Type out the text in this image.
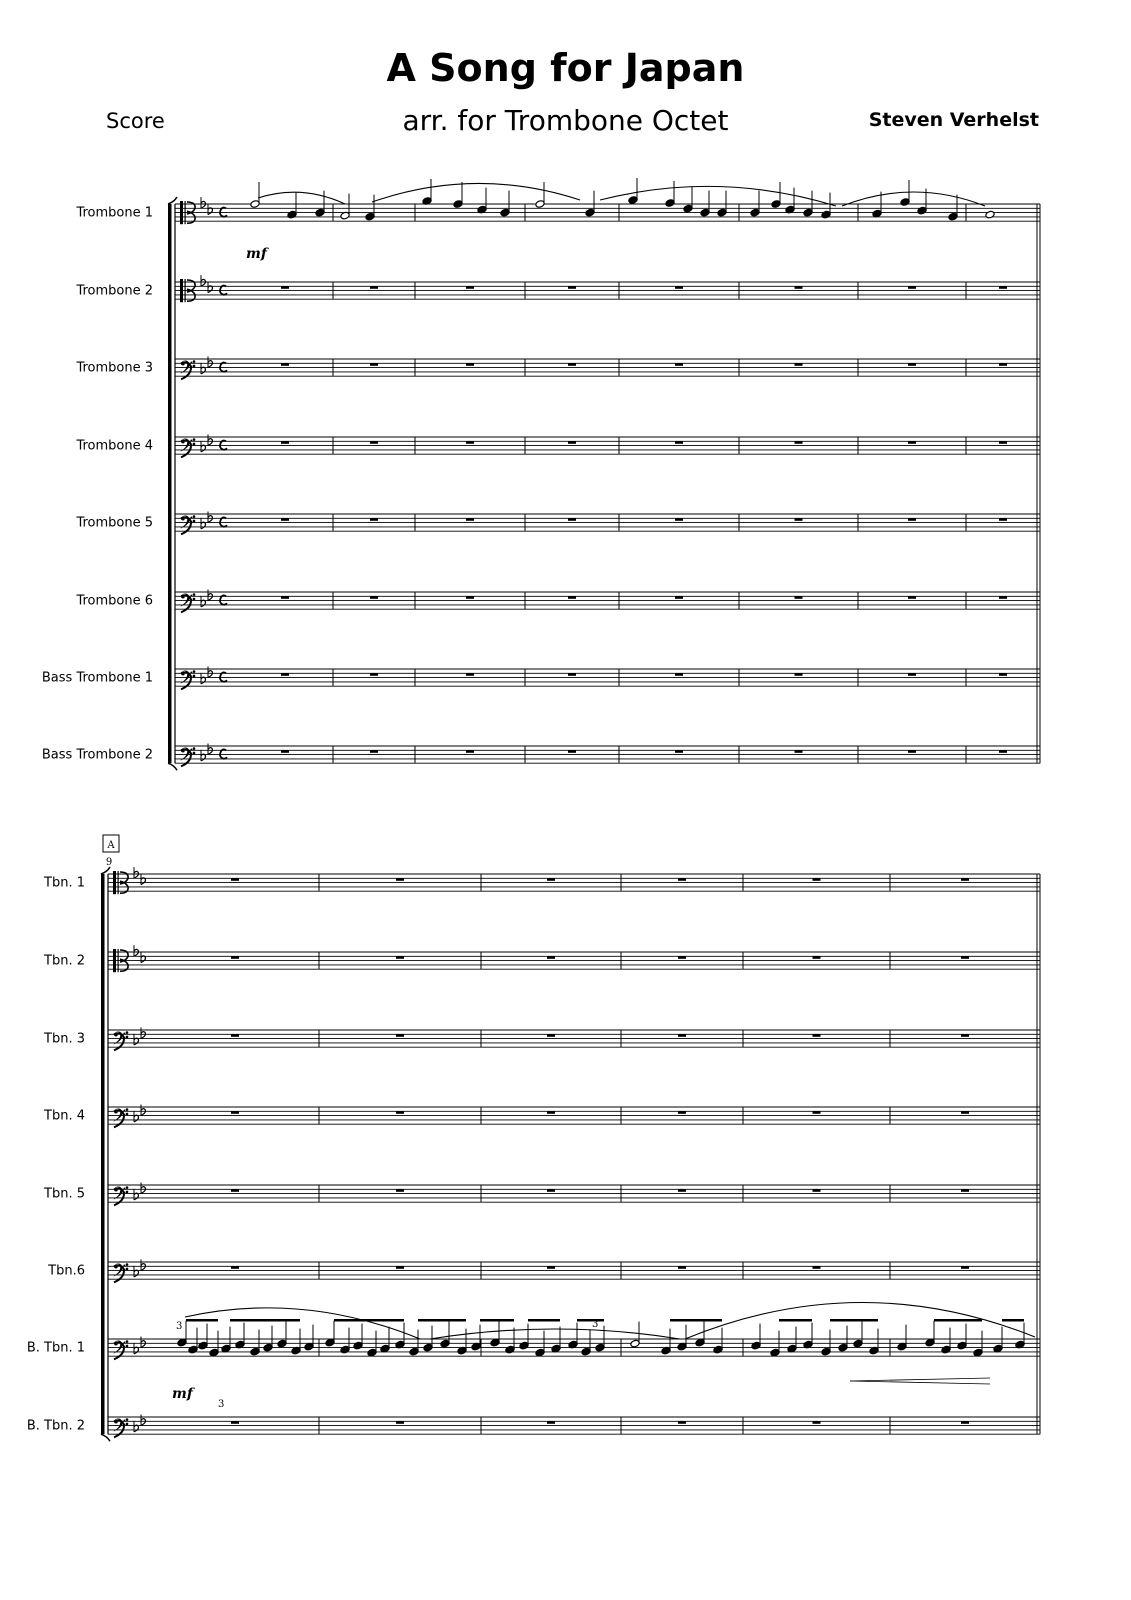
A Song for Japan
arr. for Trombone Octet
Score	Steven Verhelst
Trombone 1
Trombone 2
Trombone 3 𝄢
Trombone 4 𝄢
Trombone 5 𝄢
Trombone 6 𝄢
Bass Trombone 1 𝄢
Bass Trombone 2 𝄢
mf
Tbn. 1
Tbn. 2
Tbn. 3 𝄢
Tbn. 4 𝄢
Tbn. 5 𝄢
Tbn.6 𝄢
B. Tbn. 1 𝄢
B. Tbn. 2 𝄢
3
3
3
mf
A
9
